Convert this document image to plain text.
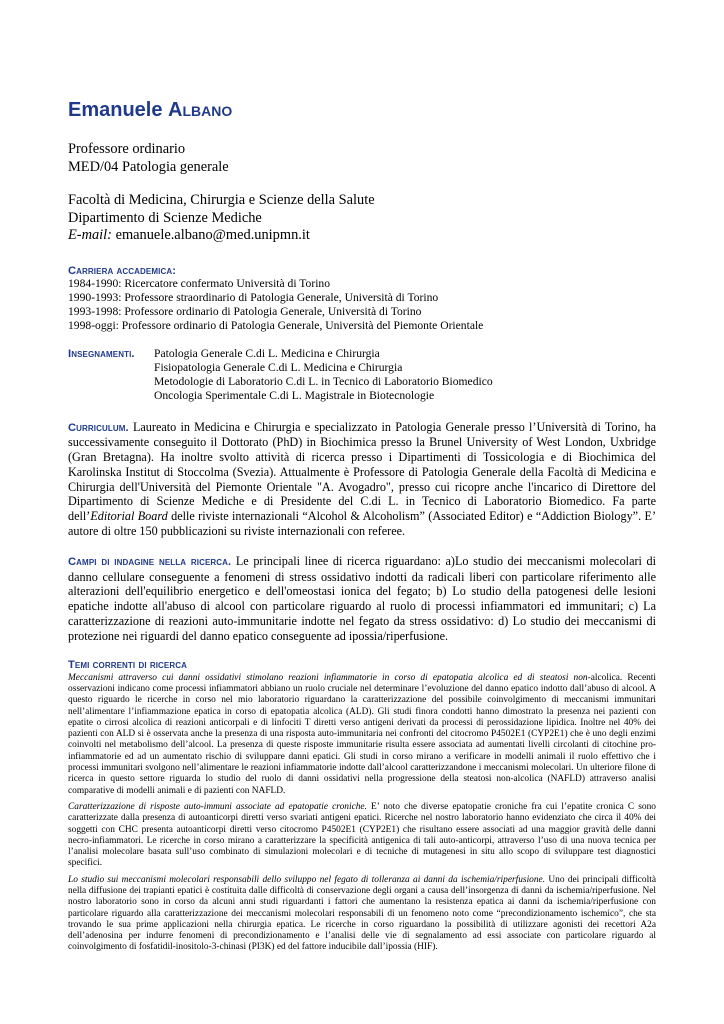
Emanuele Albano
Professore ordinario
MED/04 Patologia generale
Facoltà di Medicina, Chirurgia e Scienze della Salute
Dipartimento di Scienze Mediche
E-mail: emanuele.albano@med.unipmn.it
Carriera accademica:
1984-1990: Ricercatore confermato Università di Torino
1990-1993: Professore straordinario di Patologia Generale, Università di Torino
1993-1998: Professore ordinario di Patologia Generale, Università di Torino
1998-oggi: Professore ordinario di Patologia Generale, Università del Piemonte Orientale
Insegnamenti. Patologia Generale C.di L. Medicina e Chirurgia
Fisiopatologia Generale C.di L. Medicina e Chirurgia
Metodologie di Laboratorio C.di L. in Tecnico di Laboratorio Biomedico
Oncologia Sperimentale C.di L. Magistrale in Biotecnologie

Curriculum. Laureato in Medicina e Chirurgia e specializzato in Patologia Generale presso l’Università di Torino, ha successivamente conseguito il Dottorato (PhD) in Biochimica presso la Brunel University of West London, Uxbridge (Gran Bretagna). Ha inoltre svolto attività di ricerca presso i Dipartimenti di Tossicologia e di Biochimica del Karolinska Institut di Stoccolma (Svezia). Attualmente è Professore di Patologia Generale della Facoltà di Medicina e Chirurgia dell'Università del Piemonte Orientale "A. Avogadro", presso cui ricopre anche l'incarico di Direttore del Dipartimento di Scienze Mediche e di Presidente del C.di L. in Tecnico di Laboratorio Biomedico. Fa parte dell’Editorial Board delle riviste internazionali “Alcohol & Alcoholism” (Associated Editor) e “Addiction Biology”. E’ autore di oltre 150 pubblicazioni su riviste internazionali con referee.

Campi di indagine nella ricerca. Le principali linee di ricerca riguardano: a)Lo studio dei meccanismi molecolari di danno cellulare conseguente a fenomeni di stress ossidativo indotti da radicali liberi con particolare riferimento alle alterazioni dell'equilibrio energetico e dell'omeostasi ionica del fegato; b) Lo studio della patogenesi delle lesioni epatiche indotte all'abuso di alcool con particolare riguardo al ruolo di processi infiammatori ed immunitari; c) La caratterizzazione di reazioni auto-immunitarie indotte nel fegato da stress ossidativo: d) Lo studio dei meccanismi di protezione nei riguardi del danno epatico conseguente ad ipossia/riperfusione.

Temi correnti di ricerca

Meccanismi attraverso cui danni ossidativi stimolano reazioni infiammatorie in corso di epatopatia alcolica ed di steatosi non-alcolica. Recenti osservazioni indicano come processi infiammatori abbiano un ruolo cruciale nel determinare l’evoluzione del danno epatico indotto dall’abuso di alcool. A questo riguardo le ricerche in corso nel mio laboratorio riguardano la caratterizzazione del possibile coinvolgimento di meccanismi immunitari nell’alimentare l’infiammazione epatica in corso di epatopatia alcolica (ALD). Gli studi finora condotti hanno dimostrato la presenza nei pazienti con epatite o cirrosi alcolica di reazioni anticorpali e di linfociti T diretti verso antigeni derivati da processi di perossidazione lipidica. Inoltre nel 40% dei pazienti con ALD si è osservata anche la presenza di una risposta auto-immunitaria nei confronti del citocromo P4502E1 (CYP2E1) che è uno degli enzimi coinvolti nel metabolismo dell’alcool. La presenza di queste risposte immunitarie risulta essere associata ad aumentati livelli circolanti di citochine pro-infiammatorie ed ad un aumentato rischio di sviluppare danni epatici. Gli studi in corso mirano a verificare in modelli animali il ruolo effettivo che i processi immunitari svolgono nell’alimentare le reazioni infiammatorie indotte dall’alcool caratterizzandone i meccanismi molecolari. Un ulteriore filone di ricerca in questo settore riguarda lo studio del ruolo di danni ossidativi nella progressione della steatosi non-alcolica (NAFLD) attraverso analisi comparative di modelli animali e di pazienti con NAFLD.

Caratterizzazione di risposte auto-immuni associate ad epatopatie croniche. E’ noto che diverse epatopatie croniche fra cui l’epatite cronica C sono caratterizzate dalla presenza di autoanticorpi diretti verso svariati antigeni epatici. Ricerche nel nostro laboratorio hanno evidenziato che circa il 40% dei soggetti con CHC presenta autoanticorpi diretti verso citocromo P4502E1 (CYP2E1) che risultano essere associati ad una maggior gravità delle danni necro-infiammatori. Le ricerche in corso mirano a caratterizzare la specificità antigenica di tali auto-anticorpi, attraverso l’uso di una nuova tecnica per l’analisi molecolare basata sull’uso combinato di simulazioni molecolari e di tecniche di mutagenesi in situ allo scopo di sviluppare test diagnostici specifici.

Lo studio sui meccanismi molecolari responsabili dello sviluppo nel fegato di tolleranza ai danni da ischemia/riperfusione. Uno dei principali difficoltà nella diffusione dei trapianti epatici è costituita dalle difficoltà di conservazione degli organi a causa dell’insorgenza di danni da ischemia/riperfusione. Nel nostro laboratorio sono in corso da alcuni anni studi riguardanti i fattori che aumentano la resistenza epatica ai danni da ischemia/riperfusione con particolare riguardo alla caratterizzazione dei meccanismi molecolari responsabili di un fenomeno noto come “precondizionamento ischemico”, che sta trovando le sua prime applicazioni nella chirurgia epatica. Le ricerche in corso riguardano la possibilità di utilizzare agonisti dei recettori A2a dell’adenosina per indurre fenomeni di precondizionamento e l’analisi delle vie di segnalamento ad essi associate con particolare riguardo al coinvolgimento di fosfatidil-inositolo-3-chinasi (PI3K) ed del fattore inducibile dall’ipossia (HIF).
